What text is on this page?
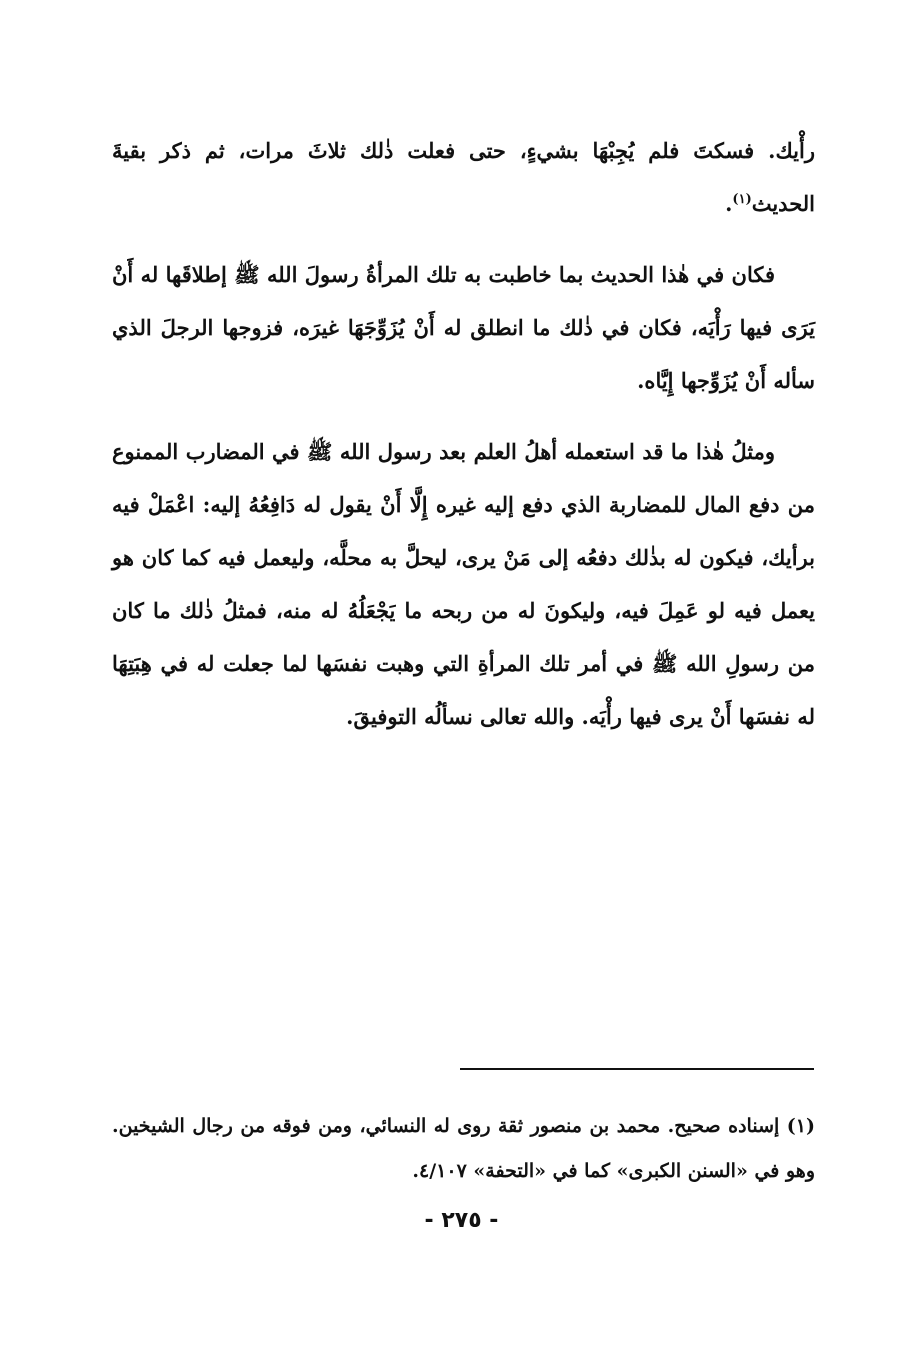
رأْيك. فسكتَ فلم يُجِبْهَا بشيءٍ، حتى فعلت ذٰلك ثلاثَ مرات، ثم ذكر بقيةَ الحديث$^{(١)}$.

فكان في هٰذا الحديث بما خاطبت به تلك المرأةُ رسولَ الله ﷺ إطلاقَها له أَنْ يَرَى فيها رَأْيَه، فكان في ذٰلك ما انطلق له أَنْ يُزَوِّجَهَا غيرَه، فزوجها الرجلَ الذي سأله أَنْ يُزَوِّجها إِيَّاه.

ومثلُ هٰذا ما قد استعمله أهلُ العلم بعد رسول الله ﷺ في المضارب الممنوع من دفع المال للمضاربة الذي دفع إليه غيره إِلَّا أَنْ يقول له دَافِعُهُ إليه: اعْمَلْ فيه برأيك، فيكون له بذٰلك دفعُه إلى مَنْ يرى، ليحلَّ به محلَّه، وليعمل فيه كما كان هو يعمل فيه لو عَمِلَ فيه، وليكونَ له من ربحه ما يَجْعَلُهُ له منه، فمثلُ ذٰلك ما كان من رسولِ الله ﷺ في أمر تلك المرأةِ التي وهبت نفسَها لما جعلت له في هِبَتِهَا له نفسَها أَنْ يرى فيها رأْيَه. والله تعالى نسألُه التوفيقَ.

(١) إسناده صحيح. محمد بن منصور ثقة روى له النسائي، ومن فوقه من رجال الشيخين. وهو في «السنن الكبرى» كما في «التحفة» ٤/١٠٧.

- ٢٧٥ -
